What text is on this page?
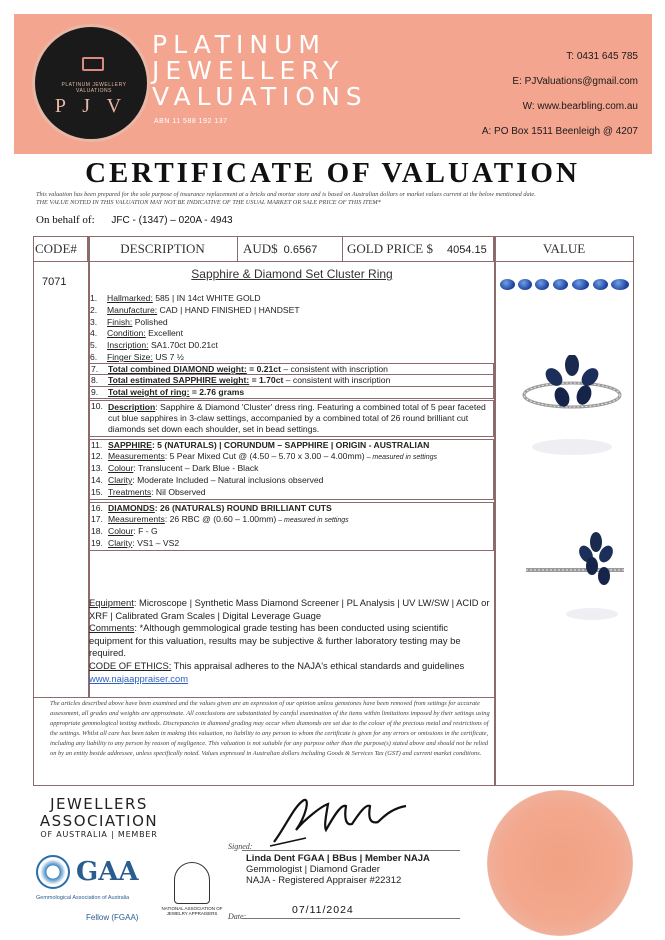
PLATINUM JEWELLERY VALUATIONS
P J V
PLATINUM
JEWELLERY
VALUATIONS
ABN 11 588 192 137
T: 0431 645 785
E: PJValuations@gmail.com
W: www.bearbling.com.au
A: PO Box 1511 Beenleigh @ 4207
CERTIFICATE OF VALUATION
This valuation has been prepared for the sole purpose of insurance replacement at a bricks and mortar store and is based on Australian dollars or market values current at the below mentioned date.
THE VALUE NOTED IN THIS VALUATION MAY NOT BE INDICATIVE OF THE USUAL MARKET OR SALE PRICE OF THIS ITEM*
On behalf of: JFC - (1347) – 020A - 4943
CODE#	DESCRIPTION	AUD$ 0.6567	GOLD PRICE $ 4054.15	VALUE
7071
Sapphire & Diamond Set Cluster Ring
1. Hallmarked: 585 | IN 14ct WHITE GOLD
2. Manufacture: CAD | HAND FINISHED | HANDSET
3. Finish: Polished
4. Condition: Excellent
5. Inscription: SA1.70ct D0.21ct
6. Finger Size: US 7 ½
7. Total combined DIAMOND weight: = 0.21ct – consistent with inscription
8. Total estimated SAPPHIRE weight: = 1.70ct – consistent with inscription
9. Total weight of ring: = 2.76 grams
10. Description: Sapphire & Diamond 'Cluster' dress ring. Featuring a combined total of 5 pear faceted cut blue sapphires in 3-claw settings, accompanied by a combined total of 26 round brilliant cut diamonds set down each shoulder, set in bead settings.
11. SAPPHIRE: 5 (NATURALS) | CORUNDUM – SAPPHIRE | ORIGIN - AUSTRALIAN
12. Measurements: 5 Pear Mixed Cut @ (4.50 – 5.70 x 3.00 – 4.00mm) – measured in settings
13. Colour: Translucent – Dark Blue - Black
14. Clarity: Moderate Included – Natural inclusions observed
15. Treatments: Nil Observed
16. DIAMONDS: 26 (NATURALS) ROUND BRILLIANT CUTS
17. Measurements: 26 RBC @ (0.60 – 1.00mm) – measured in settings
18. Colour: F - G
19. Clarity: VS1 – VS2
Equipment: Microscope | Synthetic Mass Diamond Screener | PL Analysis | UV LW/SW | ACID or XRF | Calibrated Gram Scales | Digital Leverage Guage
Comments: *Although gemmological grade testing has been conducted using scientific equipment for this valuation, results may be subjective & further laboratory testing may be required.
CODE OF ETHICS: This appraisal adheres to the NAJA's ethical standards and guidelines
www.najaappraiser.com
The articles described above have been examined and the values given are an expression of our opinion unless gemstones have been removed from settings for accurate assessment, all grades and weights are approximate. All conclusions are substantiated by careful examination of the items within limitations imposed by their settings using appropriate gemmological testing methods. Discrepancies in diamond grading may occur when diamonds are set due to the colour of the precious metal and restrictions of the settings. Whilst all care has been taken in making this valuation, no liability to any person to whom the certificate is given for any errors or omissions in the certificate, including any liability to any person by reason of negligence. This valuation is not suitable for any purpose other than the purpose(s) stated above and should not be relied on by an entity beside addressee, unless specifically noted. Values expressed in Australian dollars including Goods & Services Tax (GST) and current market conditions.
JEWELLERS
ASSOCIATION
OF AUSTRALIA | MEMBER
GAA
Gemmological Association of Australia
Fellow (FGAA)
NATIONAL ASSOCIATION OF JEWELRY APPRAISERS
Signed:
Linda Dent FGAA | BBus | Member NAJA
Gemmologist | Diamond Grader
NAJA - Registered Appraiser #22312
Date:
07/11/2024
